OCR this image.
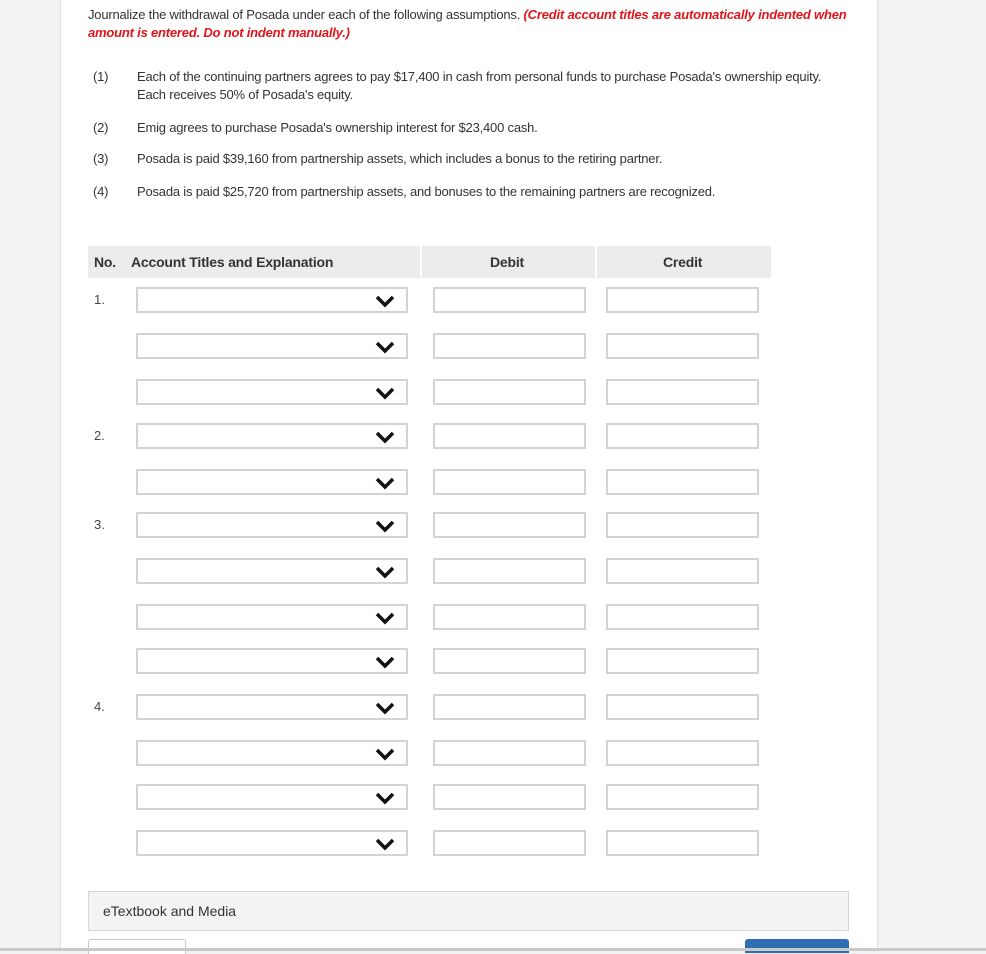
Journalize the withdrawal of Posada under each of the following assumptions. (Credit account titles are automatically indented when amount is entered. Do not indent manually.)
(1)	Each of the continuing partners agrees to pay $17,400 in cash from personal funds to purchase Posada's ownership equity. Each receives 50% of Posada's equity.
(2)	Emig agrees to purchase Posada's ownership interest for $23,400 cash.
(3)	Posada is paid $39,160 from partnership assets, which includes a bonus to the retiring partner.
(4)	Posada is paid $25,720 from partnership assets, and bonuses to the remaining partners are recognized.
No. Account Titles and Explanation	Debit	Credit
1.
2.
3.
4.
eTextbook and Media
